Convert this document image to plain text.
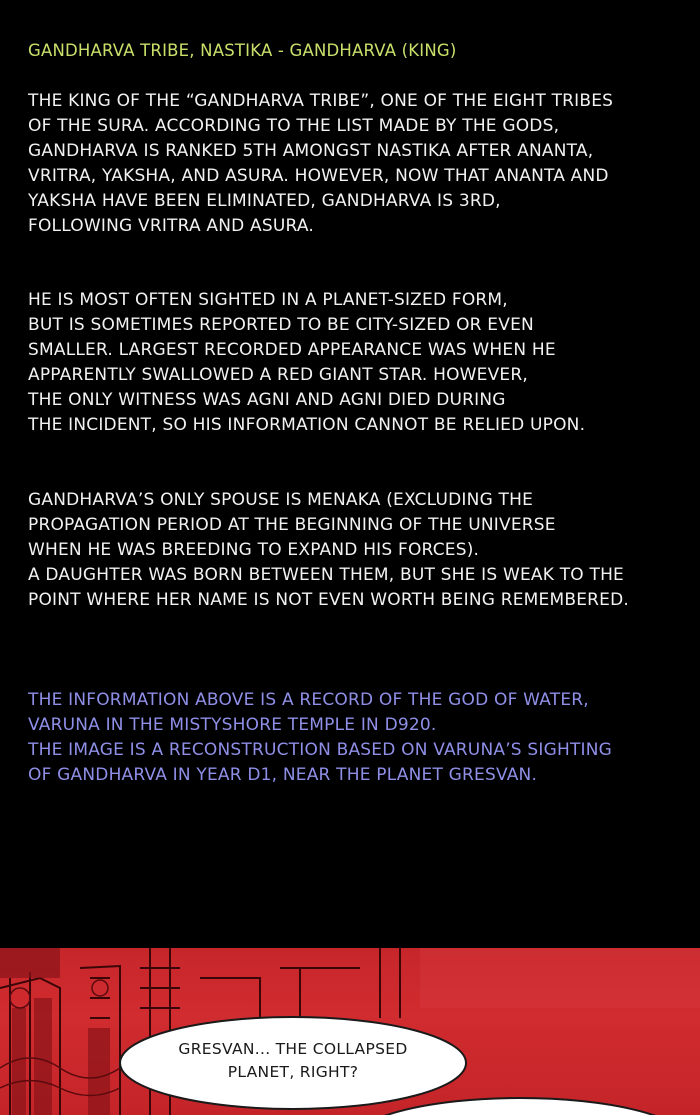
GANDHARVA TRIBE, NASTIKA - GANDHARVA (KING)

THE KING OF THE “GANDHARVA TRIBE”, ONE OF THE EIGHT TRIBES
OF THE SURA. ACCORDING TO THE LIST MADE BY THE GODS,
GANDHARVA IS RANKED 5TH AMONGST NASTIKA AFTER ANANTA,
VRITRA, YAKSHA, AND ASURA. HOWEVER, NOW THAT ANANTA AND
YAKSHA HAVE BEEN ELIMINATED, GANDHARVA IS 3RD,
FOLLOWING VRITRA AND ASURA.

HE IS MOST OFTEN SIGHTED IN A PLANET-SIZED FORM,
BUT IS SOMETIMES REPORTED TO BE CITY-SIZED OR EVEN
SMALLER. LARGEST RECORDED APPEARANCE WAS WHEN HE
APPARENTLY SWALLOWED A RED GIANT STAR. HOWEVER,
THE ONLY WITNESS WAS AGNI AND AGNI DIED DURING
THE INCIDENT, SO HIS INFORMATION CANNOT BE RELIED UPON.

GANDHARVA’S ONLY SPOUSE IS MENAKA (EXCLUDING THE
PROPAGATION PERIOD AT THE BEGINNING OF THE UNIVERSE
WHEN HE WAS BREEDING TO EXPAND HIS FORCES).
A DAUGHTER WAS BORN BETWEEN THEM, BUT SHE IS WEAK TO THE
POINT WHERE HER NAME IS NOT EVEN WORTH BEING REMEMBERED.

THE INFORMATION ABOVE IS A RECORD OF THE GOD OF WATER,
VARUNA IN THE MISTYSHORE TEMPLE IN D920.
THE IMAGE IS A RECONSTRUCTION BASED ON VARUNA’S SIGHTING
OF GANDHARVA IN YEAR D1, NEAR THE PLANET GRESVAN.

GRESVAN... THE COLLAPSED
PLANET, RIGHT?
